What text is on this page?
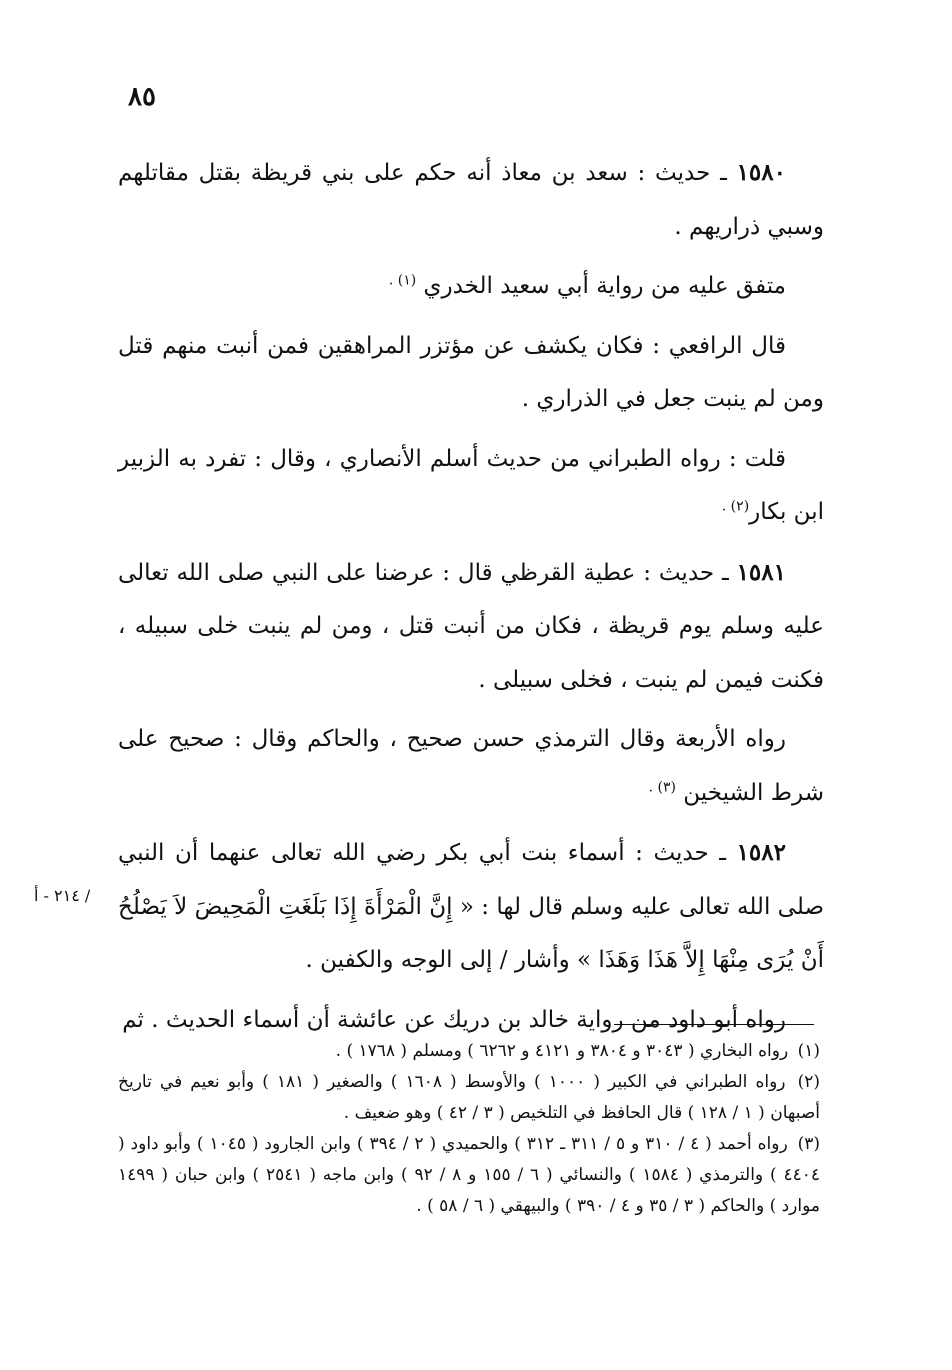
٨٥

١٥٨٠ ـ حديث : سعد بن معاذ أنه حكم على بني قريظة بقتل مقاتلهم وسبي ذراريهم .

متفق عليه من رواية أبي سعيد الخدري $^{(١) .}$

قال الرافعي : فكان يكشف عن مؤتزر المراهقين فمن أنبت منهم قتل ومن لم ينبت جعل في الذراري .

قلت : رواه الطبراني من حديث أسلم الأنصاري ، وقال : تفرد به الزبير ابن بكار$^{(٢) .}$

١٥٨١ ـ حديث : عطية القرظي قال : عرضنا على النبي صلى الله تعالى عليه وسلم يوم قريظة ، فكان من أنبت قتل ، ومن لم ينبت خلى سبيله ، فكنت فيمن لم ينبت ، فخلى سبيلى .

رواه الأربعة وقال الترمذي حسن صحيح ، والحاكم وقال : صحيح على شرط الشيخين $^{(٣) .}$

١٥٨٢ ـ حديث : أسماء بنت أبي بكر رضي الله تعالى عنهما أن النبي صلى الله تعالى عليه وسلم قال لها : « إِنَّ الْمَرْأَةَ إِذَا بَلَغَتِ الْمَحِيضَ لاَ يَصْلُحُ أَنْ يُرَى مِنْهَا إِلاَّ هَذَا وَهَذَا » وأشار / إلى الوجه والكفين .

رواه أبو داود من رواية خالد بن دريك عن عائشة أن أسماء الحديث . ثم

/ ٢١٤ - أ

(١) رواه البخاري ( ٣٠٤٣ و ٣٨٠٤ و ٤١٢١ و ٦٢٦٢ ) ومسلم ( ١٧٦٨ ) .

(٢) رواه الطبراني في الكبير ( ١٠٠٠ ) والأوسط ( ١٦٠٨ ) والصغير ( ١٨١ ) وأبو نعيم في تاريخ أصبهان ( ١ / ١٢٨ ) قال الحافظ في التلخيص ( ٣ / ٤٢ ) وهو ضعيف .

(٣) رواه أحمد ( ٤ / ٣١٠ و ٥ / ٣١١ ـ ٣١٢ ) والحميدي ( ٢ / ٣٩٤ ) وابن الجارود ( ١٠٤٥ ) وأبو داود ( ٤٤٠٤ ) والترمذي ( ١٥٨٤ ) والنسائي ( ٦ / ١٥٥ و ٨ / ٩٢ ) وابن ماجه ( ٢٥٤١ ) وابن حبان ( ١٤٩٩ موارد ) والحاكم ( ٣ / ٣٥ و ٤ / ٣٩٠ ) والبيهقي ( ٦ / ٥٨ ) .
